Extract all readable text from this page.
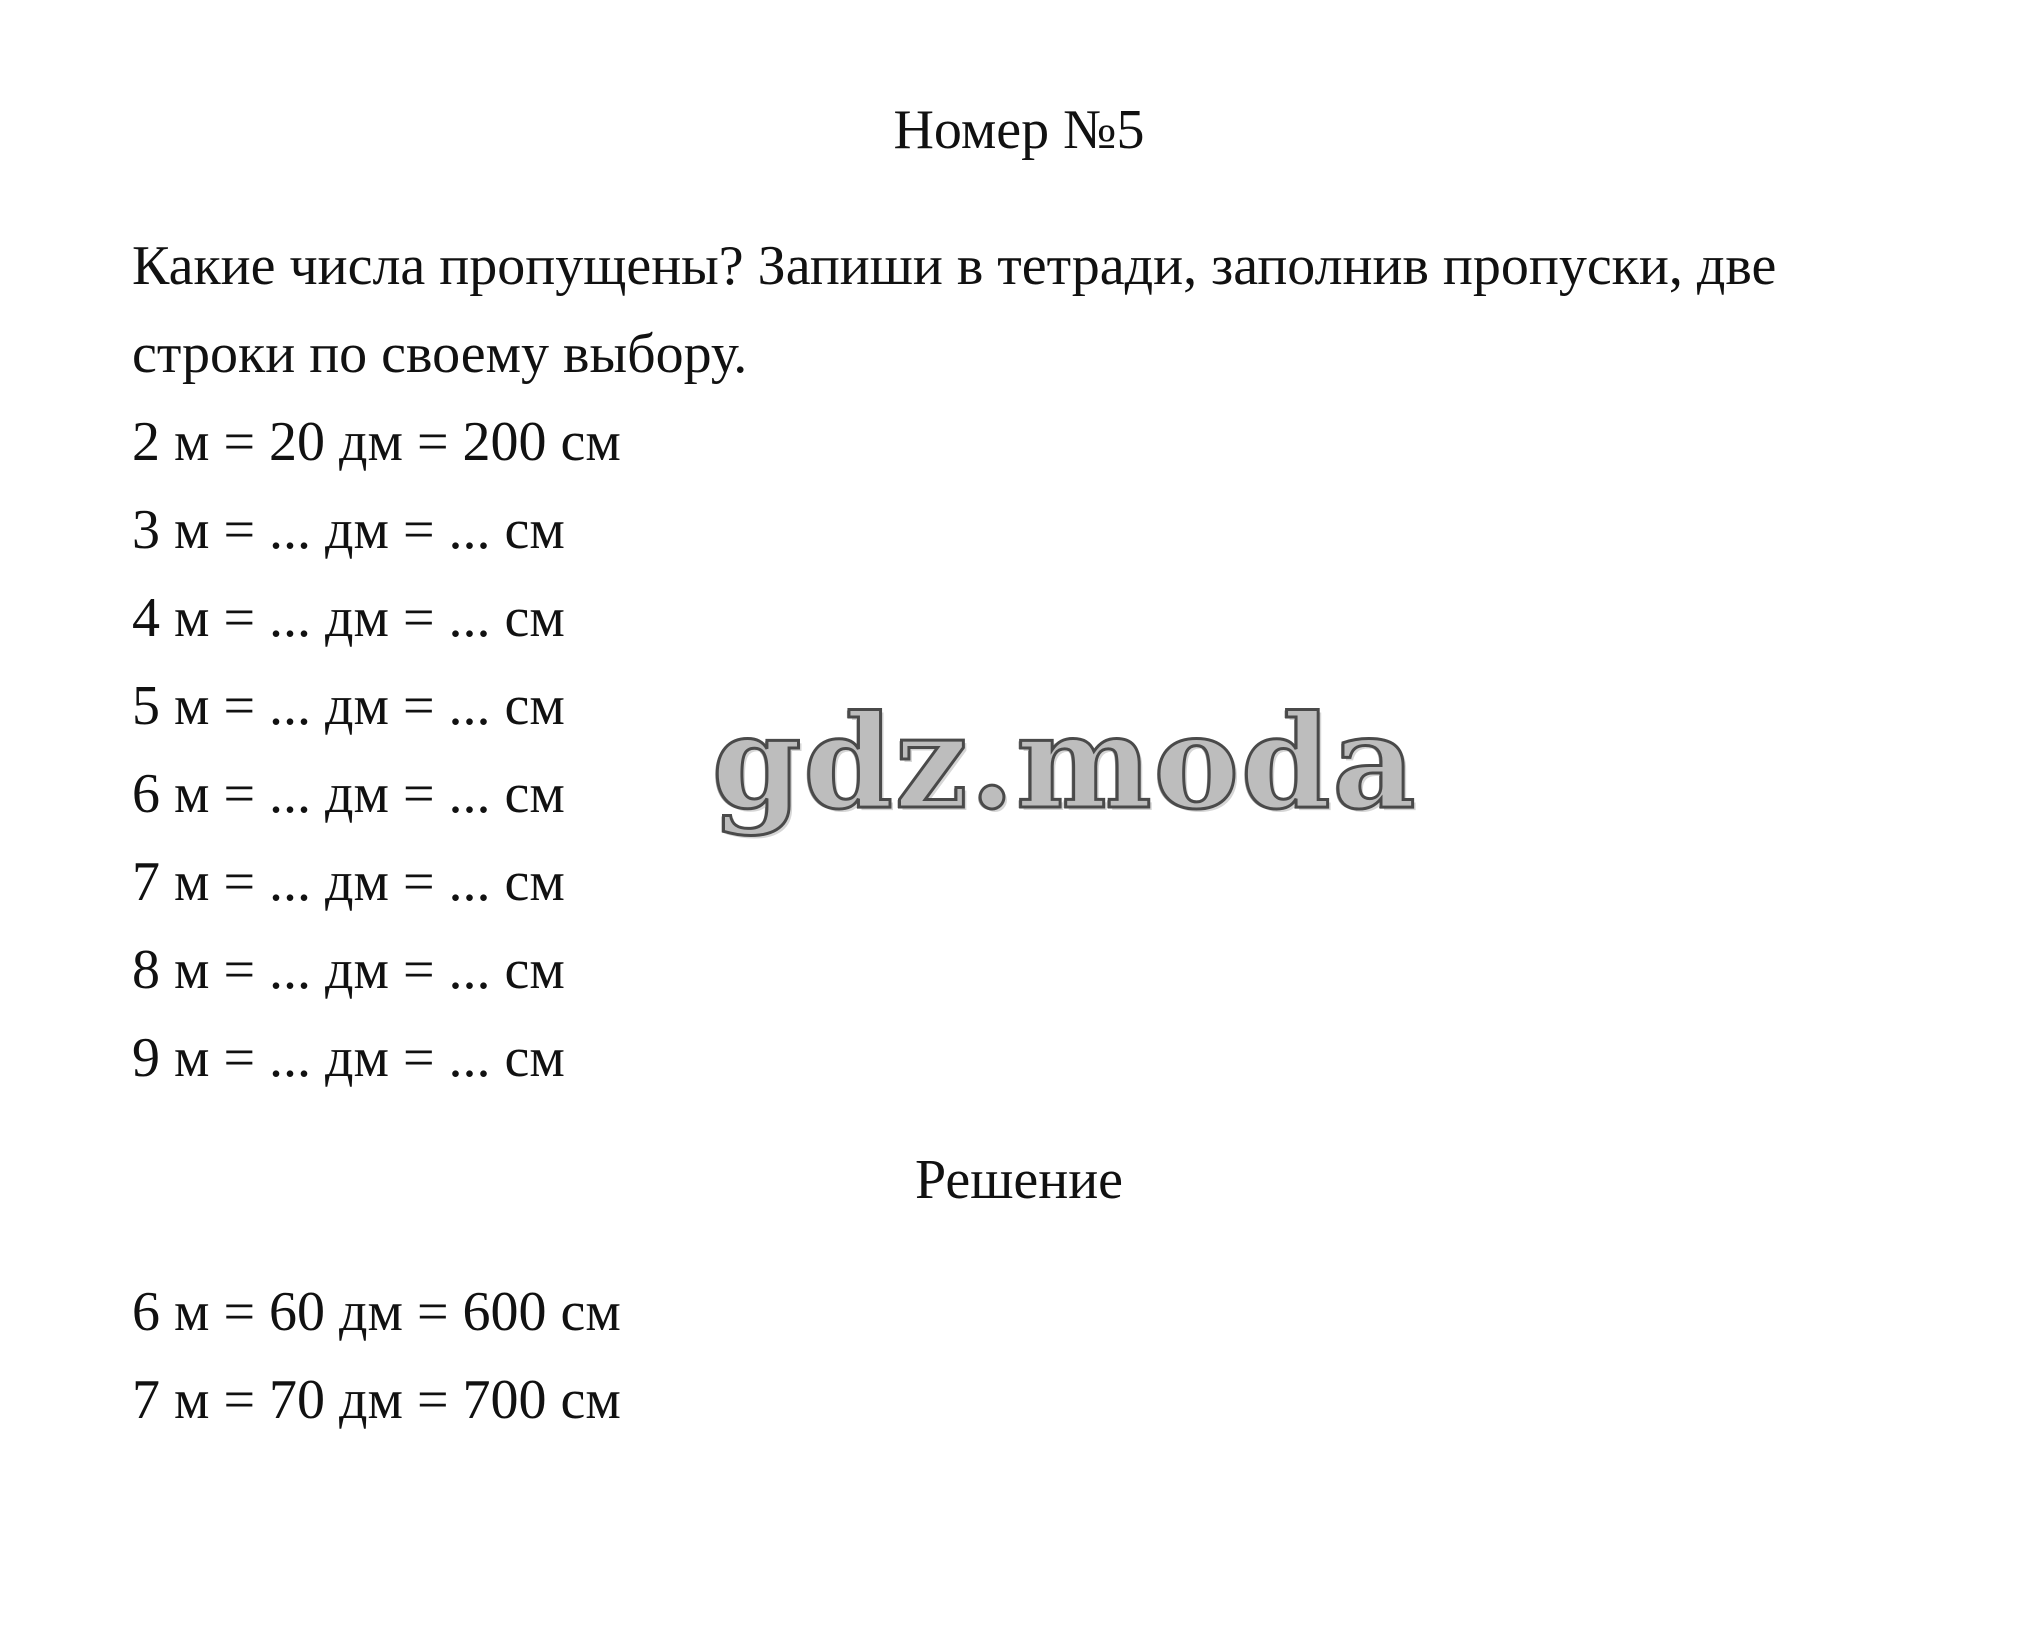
Номер №5
Какие числа пропущены? Запиши в тетради, заполнив пропуски, две
строки по своему выбору.
2 м = 20 дм = 200 см
3 м = ... дм = ... см
4 м = ... дм = ... см
5 м = ... дм = ... см
6 м = ... дм = ... см
7 м = ... дм = ... см
8 м = ... дм = ... см
9 м = ... дм = ... см
Решение
6 м = 60 дм = 600 см
7 м = 70 дм = 700 см
gdz.moda
